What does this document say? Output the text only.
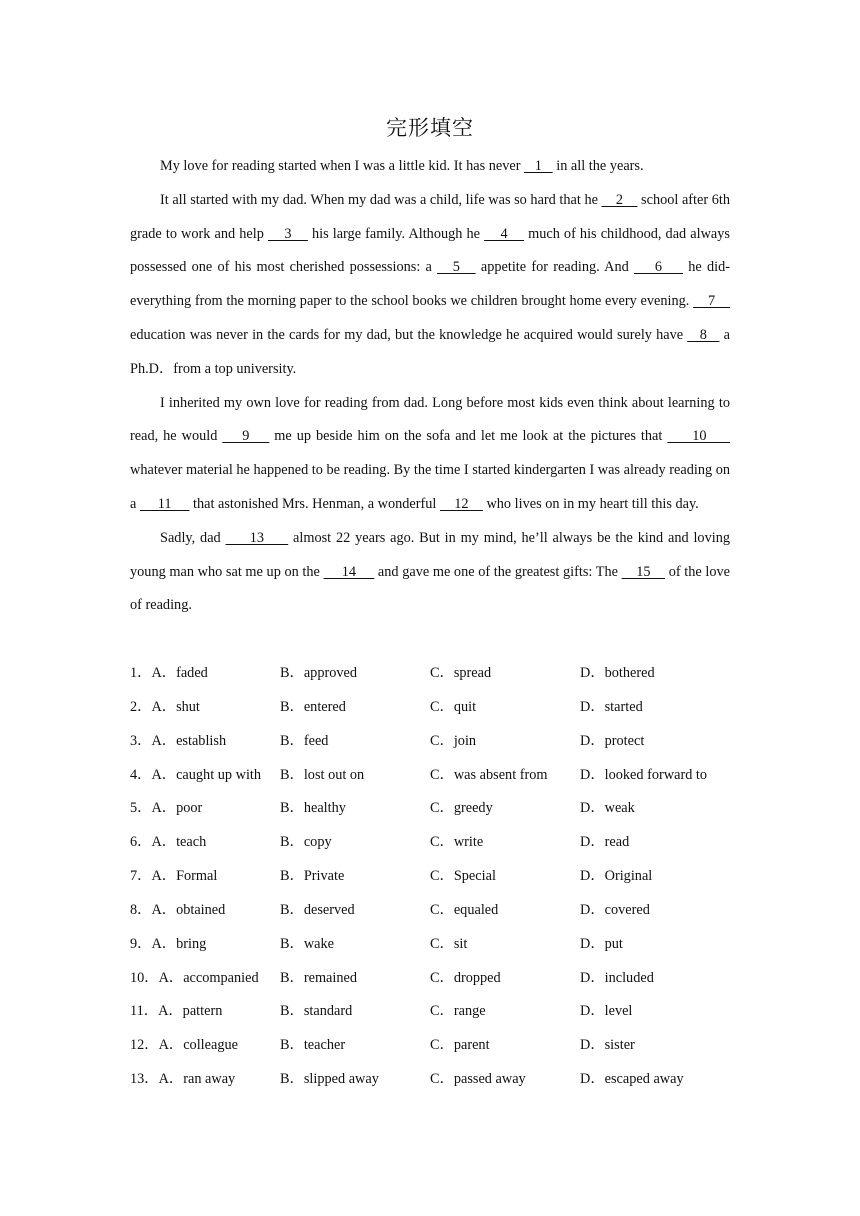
完形填空

My love for reading started when I was a little kid. It has never    1    in all the years.

It all started with my dad. When my dad was a child, life was so hard that he     2     school after 6th grade to work and help     3     his large family. Although he     4     much of his childhood, dad always possessed one of his most cherished possessions: a    5    appetite for reading. And     6     he did-everything from the morning paper to the school books we children brought home every evening.     7     education was never in the cards for my dad, but the knowledge he acquired would surely have    8    a Ph.D．from a top university.

I inherited my own love for reading from dad. Long before most kids even think about learning to read, he would     9     me up beside him on the sofa and let me look at the pictures that      10      whatever material he happened to be reading. By the time I started kindergarten I was already reading on a      11      that astonished Mrs. Henman, a wonderful     12     who lives on in my heart till this day.

Sadly, dad      13      almost 22 years ago. But in my mind, he’ll always be the kind and loving young man who sat me up on the      14      and gave me one of the greatest gifts: The     15     of the love of reading.

1．A．faded	B．approved	C．spread	D．bothered
2．A．shut	B．entered	C．quit	D．started
3．A．establish	B．feed	C．join	D．protect
4．A．caught up with B．lost out on	C．was absent from D．looked forward to
5．A．poor	B．healthy	C．greedy	D．weak
6．A．teach	B．copy	C．write	D．read
7．A．Formal	B．Private	C．Special	D．Original
8．A．obtained	B．deserved	C．equaled	D．covered
9．A．bring	B．wake	C．sit	D．put
10．A．accompanied B．remained	C．dropped	D．included
11．A．pattern	B．standard	C．range	D．level
12．A．colleague	B．teacher	C．parent	D．sister
13．A．ran away	B．slipped away	C．passed away	D．escaped away
